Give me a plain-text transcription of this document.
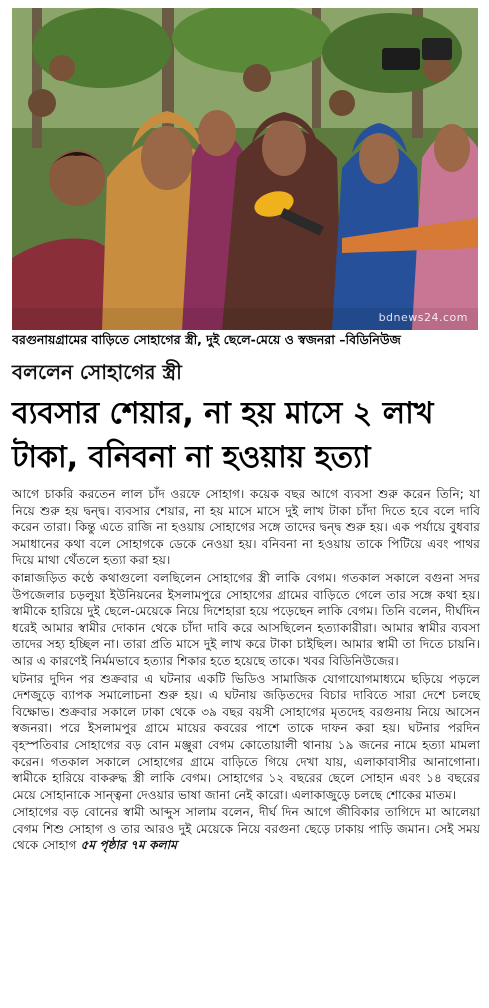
bdnews24.com
বরগুনায়গ্রামের বাড়িতে সোহাগের স্ত্রী, দুই ছেলে-মেয়ে ও স্বজনরা –বিডিনিউজ
বললেন সোহাগের স্ত্রী
ব্যবসার শেয়ার, না হয় মাসে ২ লাখ
টাকা, বনিবনা না হওয়ায় হত্যা

আগে চাকরি করতেন লাল চাঁদ ওরফে সোহাগ। কয়েক বছর আগে ব্যবসা শুরু করেন তিনি; যা নিয়ে শুরু হয় দ্বন্দ্ব। ব্যবসার শেয়ার, না হয় মাসে মাসে দুই লাখ টাকা চাঁদা দিতে হবে বলে দাবি করেন তারা। কিন্তু এতে রাজি না হওয়ায় সোহাগের সঙ্গে তাদের দ্বন্দ্ব শুরু হয়। এক পর্যায়ে বুধবার সমাধানের কথা বলে সোহাগকে ডেকে নেওয়া হয়। বনিবনা না হওয়ায় তাকে পিটিয়ে এবং পাথর দিয়ে মাথা থেঁতলে হত্যা করা হয়।

কান্নাজড়িত কণ্ঠে কথাগুলো বলছিলেন সোহাগের স্ত্রী লাকি বেগম। গতকাল সকালে বগুনা সদর উপজেলার চড়লুয়া ইউনিয়নের ইসলামপুরে সোহাগের গ্রামের বাড়িতে গেলে তার সঙ্গে কথা হয়। স্বামীকে হারিয়ে দুই ছেলে-মেয়েকে নিয়ে দিশেহারা হয়ে পড়েছেন লাকি বেগম। তিনি বলেন, দীর্ঘদিন ধরেই আমার স্বামীর দোকান থেকে চাঁদা দাবি করে আসছিলেন হত্যাকারীরা। আমার স্বামীর ব্যবসা তাদের সহ্য হচ্ছিল না। তারা প্রতি মাসে দুই লাখ করে টাকা চাইছিল। আমার স্বামী তা দিতে চায়নি। আর এ কারণেই নির্মমভাবে হত্যার শিকার হতে হয়েছে তাকে। খবর বিডিনিউজের।

ঘটনার দুদিন পর শুক্রবার এ ঘটনার একটি ভিডিও সামাজিক যোগাযোগমাধ্যমে ছড়িয়ে পড়লে দেশজুড়ে ব্যাপক সমালোচনা শুরু হয়। এ ঘটনায় জড়িতদের বিচার দাবিতে সারা দেশে চলছে বিক্ষোভ। শুক্রবার সকালে ঢাকা থেকে ৩৯ বছর বয়সী সোহাগের মৃতদেহ বরগুনায় নিয়ে আসেন স্বজনরা। পরে ইসলামপুর গ্রামে মায়ের কবরের পাশে তাকে দাফন করা হয়। ঘটনার পরদিন বৃহস্পতিবার সোহাগের বড় বোন মঞ্জুরা বেগম কোতোয়ালী থানায় ১৯ জনের নামে হত্যা মামলা করেন। গতকাল সকালে সোহাগের গ্রামে বাড়িতে গিয়ে দেখা যায়, এলাকাবাসীর আনাগোনা। স্বামীকে হারিয়ে বাকরুদ্ধ স্ত্রী লাকি বেগম। সোহাগের ১২ বছরের ছেলে সোহান এবং ১৪ বছরের মেয়ে সোহানাকে সান্ত্বনা দেওয়ার ভাষা জানা নেই কারো। এলাকাজুড়ে চলছে শোকের মাতম।

সোহাগের বড় বোনের স্বামী আব্দুস সালাম বলেন, দীর্ঘ দিন আগে জীবিকার তাগিদে মা আলেয়া বেগম শিশু সোহাগ ও তার আরও দুই মেয়েকে নিয়ে বরগুনা ছেড়ে ঢাকায় পাড়ি জমান। সেই সময় থেকে সোহাগ ৫ম পৃষ্ঠার ৭ম কলাম
